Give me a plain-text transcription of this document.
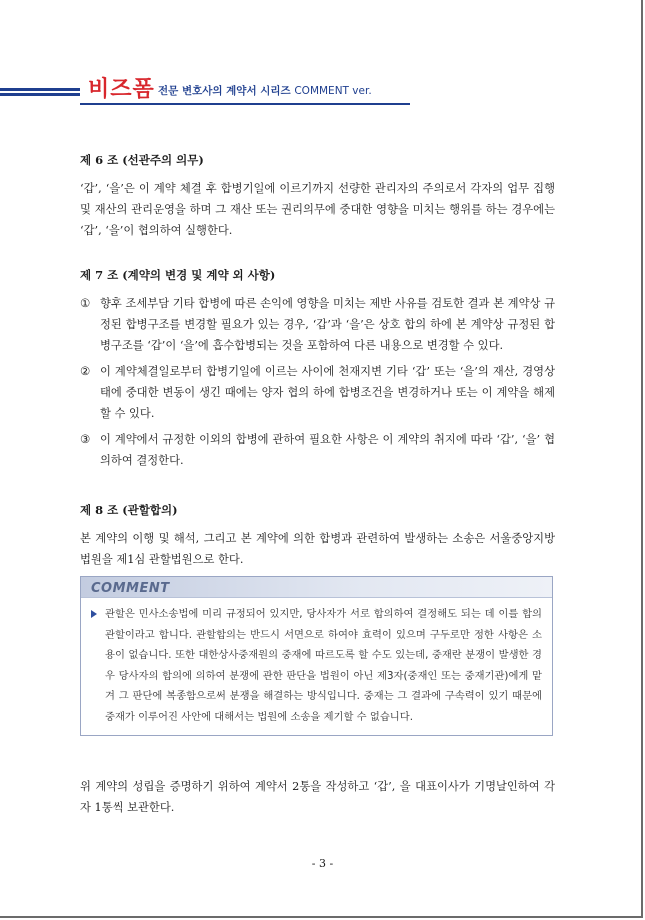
비즈폼 전문 변호사의 계약서 시리즈 COMMENT ver.
제 6 조 (선관주의 의무)

‘갑’, ‘을’은 이 계약 체결 후 합병기일에 이르기까지 선량한 관리자의 주의로서 각자의 업무 집행 및 재산의 관리운영을 하며 그 재산 또는 권리의무에 중대한 영향을 미치는 행위를 하는 경우에는 ‘갑’, ‘을’이 협의하여 실행한다.

제 7 조 (계약의 변경 및 계약 외 사항)
① 향후 조세부담 기타 합병에 따른 손익에 영향을 미치는 제반 사유를 검토한 결과 본 계약상 규정된 합병구조를 변경할 필요가 있는 경우, ‘갑’과 ‘을’은 상호 합의 하에 본 계약상 규정된 합병구조를 ‘갑’이 ‘을’에 흡수합병되는 것을 포함하여 다른 내용으로 변경할 수 있다.
② 이 계약체결일로부터 합병기일에 이르는 사이에 천재지변 기타 ‘갑’ 또는 ‘을’의 재산, 경영상태에 중대한 변동이 생긴 때에는 양자 협의 하에 합병조건을 변경하거나 또는 이 계약을 해제할 수 있다.
③ 이 계약에서 규정한 이외의 합병에 관하여 필요한 사항은 이 계약의 취지에 따라 ‘갑’, ‘을’ 협의하여 결정한다.
제 8 조 (관할합의)

본 계약의 이행 및 해석, 그리고 본 계약에 의한 합병과 관련하여 발생하는 소송은 서울중앙지방법원을 제1심 관할법원으로 한다.

COMMENT
관할은 민사소송법에 미리 규정되어 있지만, 당사자가 서로 합의하여 결정해도 되는 데 이를 합의관할이라고 합니다. 관할합의는 반드시 서면으로 하여야 효력이 있으며 구두로만 정한 사항은 소용이 없습니다. 또한 대한상사중재원의 중재에 따르도록 할 수도 있는데, 중재란 분쟁이 발생한 경우 당사자의 합의에 의하여 분쟁에 관한 판단을 법원이 아닌 제3자(중재인 또는 중재기관)에게 맡겨 그 판단에 복종함으로써 분쟁을 해결하는 방식입니다. 중재는 그 결과에 구속력이 있기 때문에 중재가 이루어진 사안에 대해서는 법원에 소송을 제기할 수 없습니다.

위 계약의 성립을 증명하기 위하여 계약서 2통을 작성하고 ‘갑’, 을 대표이사가 기명날인하여 각자 1통씩 보관한다.

- 3 -
